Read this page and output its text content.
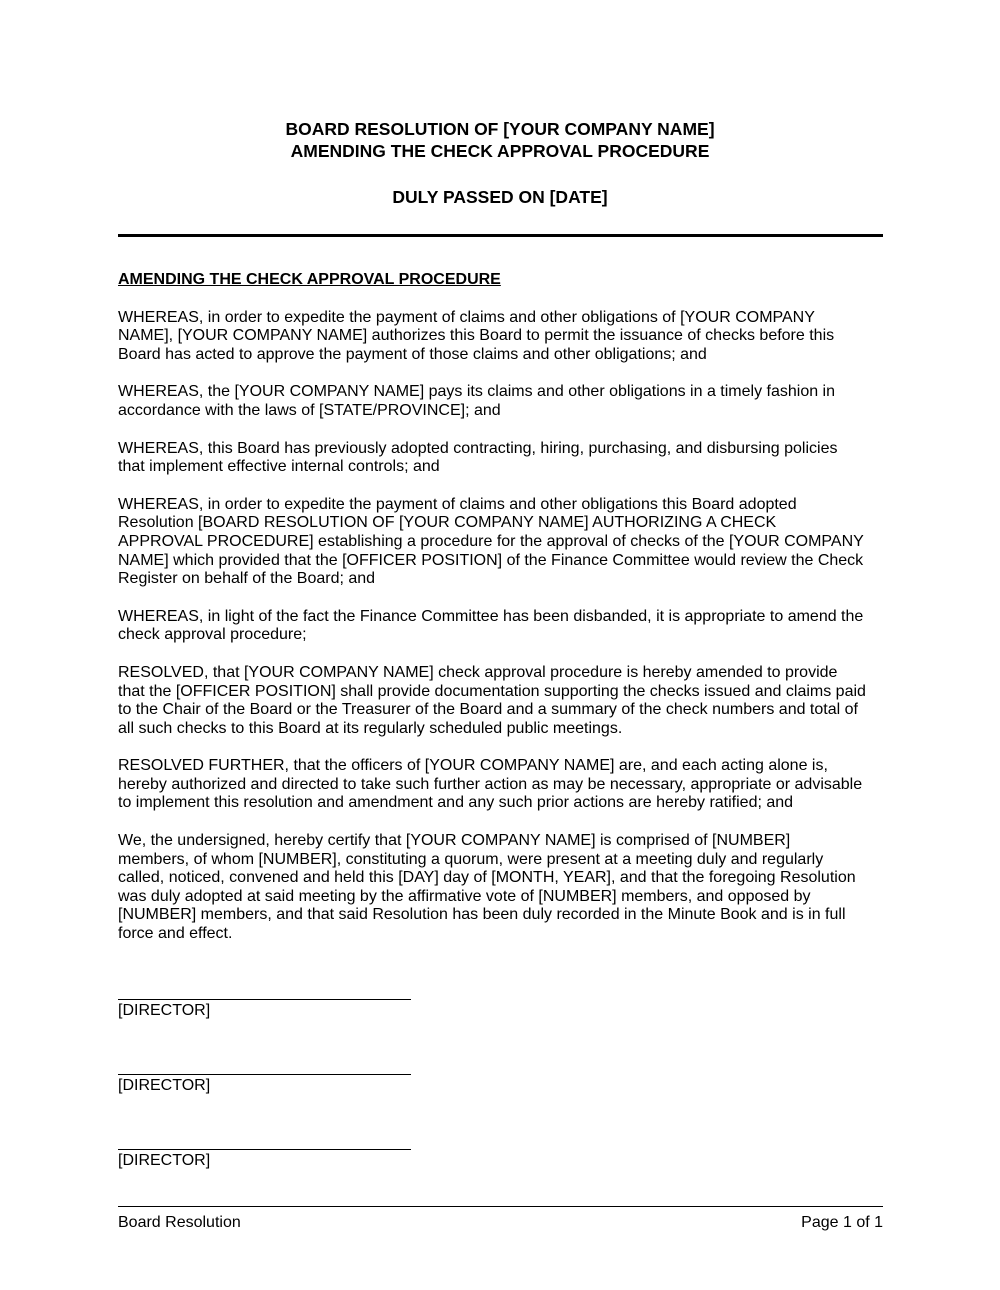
BOARD RESOLUTION OF [YOUR COMPANY NAME]
AMENDING THE CHECK APPROVAL PROCEDURE
DULY PASSED ON [DATE]
AMENDING THE CHECK APPROVAL PROCEDURE
WHEREAS, in order to expedite the payment of claims and other obligations of [YOUR COMPANY
NAME], [YOUR COMPANY NAME] authorizes this Board to permit the issuance of checks before this
Board has acted to approve the payment of those claims and other obligations; and
WHEREAS, the [YOUR COMPANY NAME] pays its claims and other obligations in a timely fashion in
accordance with the laws of [STATE/PROVINCE]; and
WHEREAS, this Board has previously adopted contracting, hiring, purchasing, and disbursing policies
that implement effective internal controls; and
WHEREAS, in order to expedite the payment of claims and other obligations this Board adopted
Resolution [BOARD RESOLUTION OF [YOUR COMPANY NAME] AUTHORIZING A CHECK
APPROVAL PROCEDURE] establishing a procedure for the approval of checks of the [YOUR COMPANY
NAME] which provided that the [OFFICER POSITION] of the Finance Committee would review the Check
Register on behalf of the Board; and
WHEREAS, in light of the fact the Finance Committee has been disbanded, it is appropriate to amend the
check approval procedure;
RESOLVED, that [YOUR COMPANY NAME] check approval procedure is hereby amended to provide
that the [OFFICER POSITION] shall provide documentation supporting the checks issued and claims paid
to the Chair of the Board or the Treasurer of the Board and a summary of the check numbers and total of
all such checks to this Board at its regularly scheduled public meetings.
RESOLVED FURTHER, that the officers of [YOUR COMPANY NAME] are, and each acting alone is,
hereby authorized and directed to take such further action as may be necessary, appropriate or advisable
to implement this resolution and amendment and any such prior actions are hereby ratified; and
We, the undersigned, hereby certify that [YOUR COMPANY NAME] is comprised of [NUMBER]
members, of whom [NUMBER], constituting a quorum, were present at a meeting duly and regularly
called, noticed, convened and held this [DAY] day of [MONTH, YEAR], and that the foregoing Resolution
was duly adopted at said meeting by the affirmative vote of [NUMBER] members, and opposed by
[NUMBER] members, and that said Resolution has been duly recorded in the Minute Book and is in full
force and effect.
[DIRECTOR]
[DIRECTOR]
[DIRECTOR]
Board Resolution	Page 1 of 1
